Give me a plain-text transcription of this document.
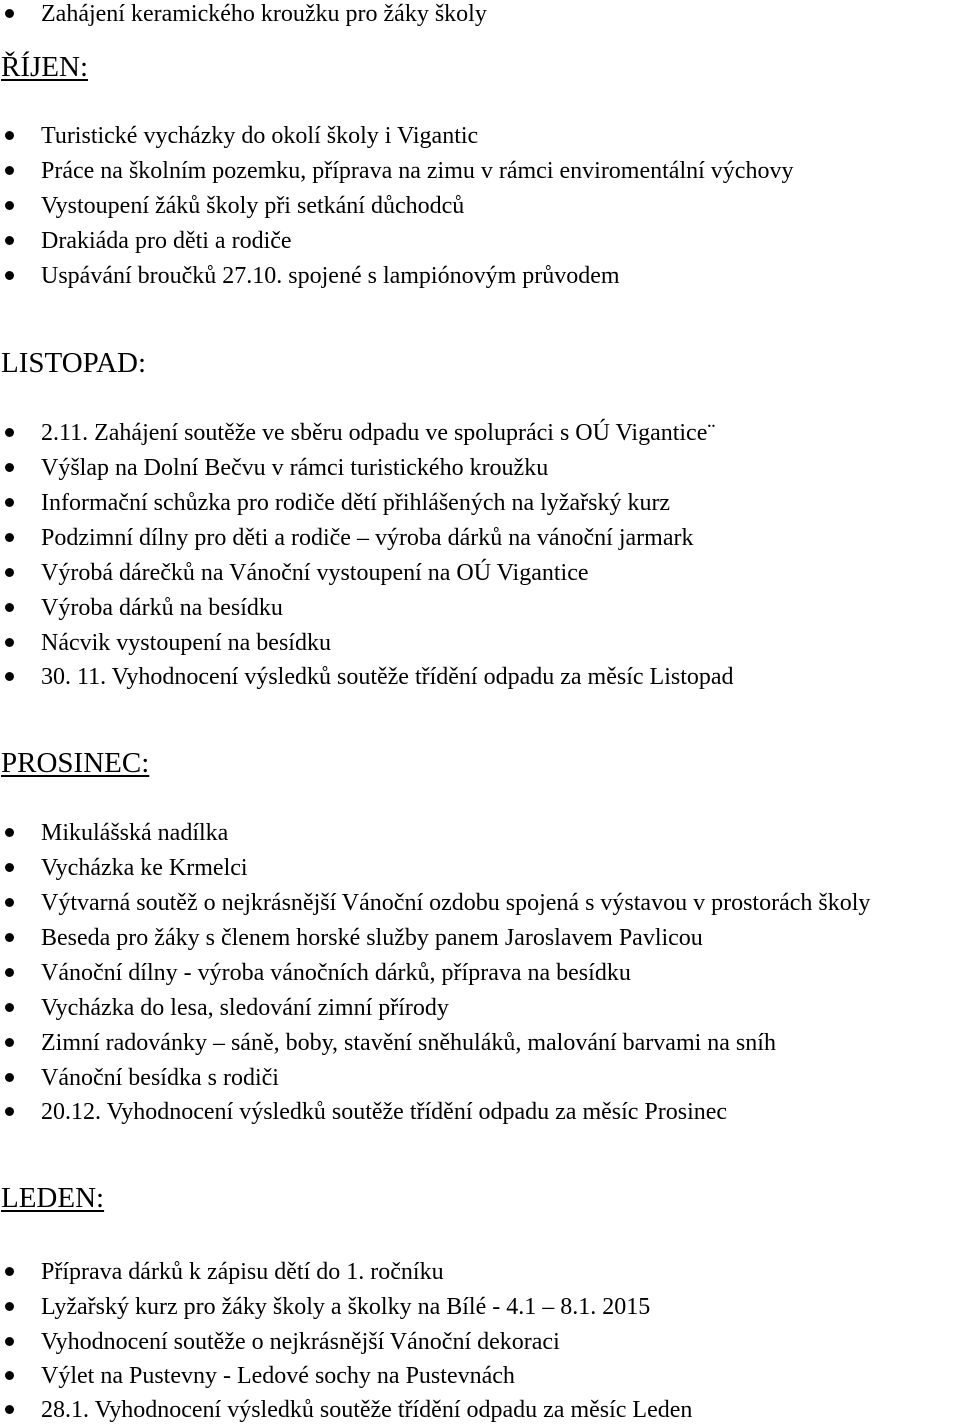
Zahájení keramického kroužku pro žáky školy
ŘÍJEN:
Turistické vycházky do okolí školy i Vigantic
Práce na školním pozemku, příprava na zimu v rámci enviromentální výchovy
Vystoupení žáků školy při setkání důchodců
Drakiáda pro děti a rodiče
Uspávání broučků 27.10. spojené s lampiónovým průvodem
LISTOPAD:
2.11. Zahájení soutěže ve sběru odpadu ve spolupráci s OÚ Vigantice¨
Výšlap na Dolní Bečvu v rámci turistického kroužku
Informační schůzka pro rodiče dětí přihlášených na lyžařský kurz
Podzimní dílny pro děti a rodiče – výroba dárků na vánoční jarmark
Výrobá dárečků na Vánoční vystoupení na OÚ Vigantice
Výroba dárků na besídku
Nácvik vystoupení na besídku
30. 11. Vyhodnocení výsledků soutěže třídění odpadu za měsíc Listopad
PROSINEC:
Mikulášská nadílka
Vycházka ke Krmelci
Výtvarná soutěž o nejkrásnější Vánoční ozdobu spojená s výstavou v prostorách školy
Beseda pro žáky s členem horské služby panem Jaroslavem Pavlicou
Vánoční dílny - výroba vánočních dárků, příprava na besídku
Vycházka do lesa, sledování zimní přírody
Zimní radovánky – sáně, boby, stavění sněhuláků, malování barvami na sníh
Vánoční besídka s rodiči
20.12. Vyhodnocení výsledků soutěže třídění odpadu za měsíc Prosinec
LEDEN:
Příprava dárků k zápisu dětí do 1. ročníku
Lyžařský kurz pro žáky školy a školky na Bílé - 4.1 – 8.1. 2015
Vyhodnocení soutěže o nejkrásnější Vánoční dekoraci
Výlet na Pustevny - Ledové sochy na Pustevnách
28.1. Vyhodnocení výsledků soutěže třídění odpadu za měsíc Leden
